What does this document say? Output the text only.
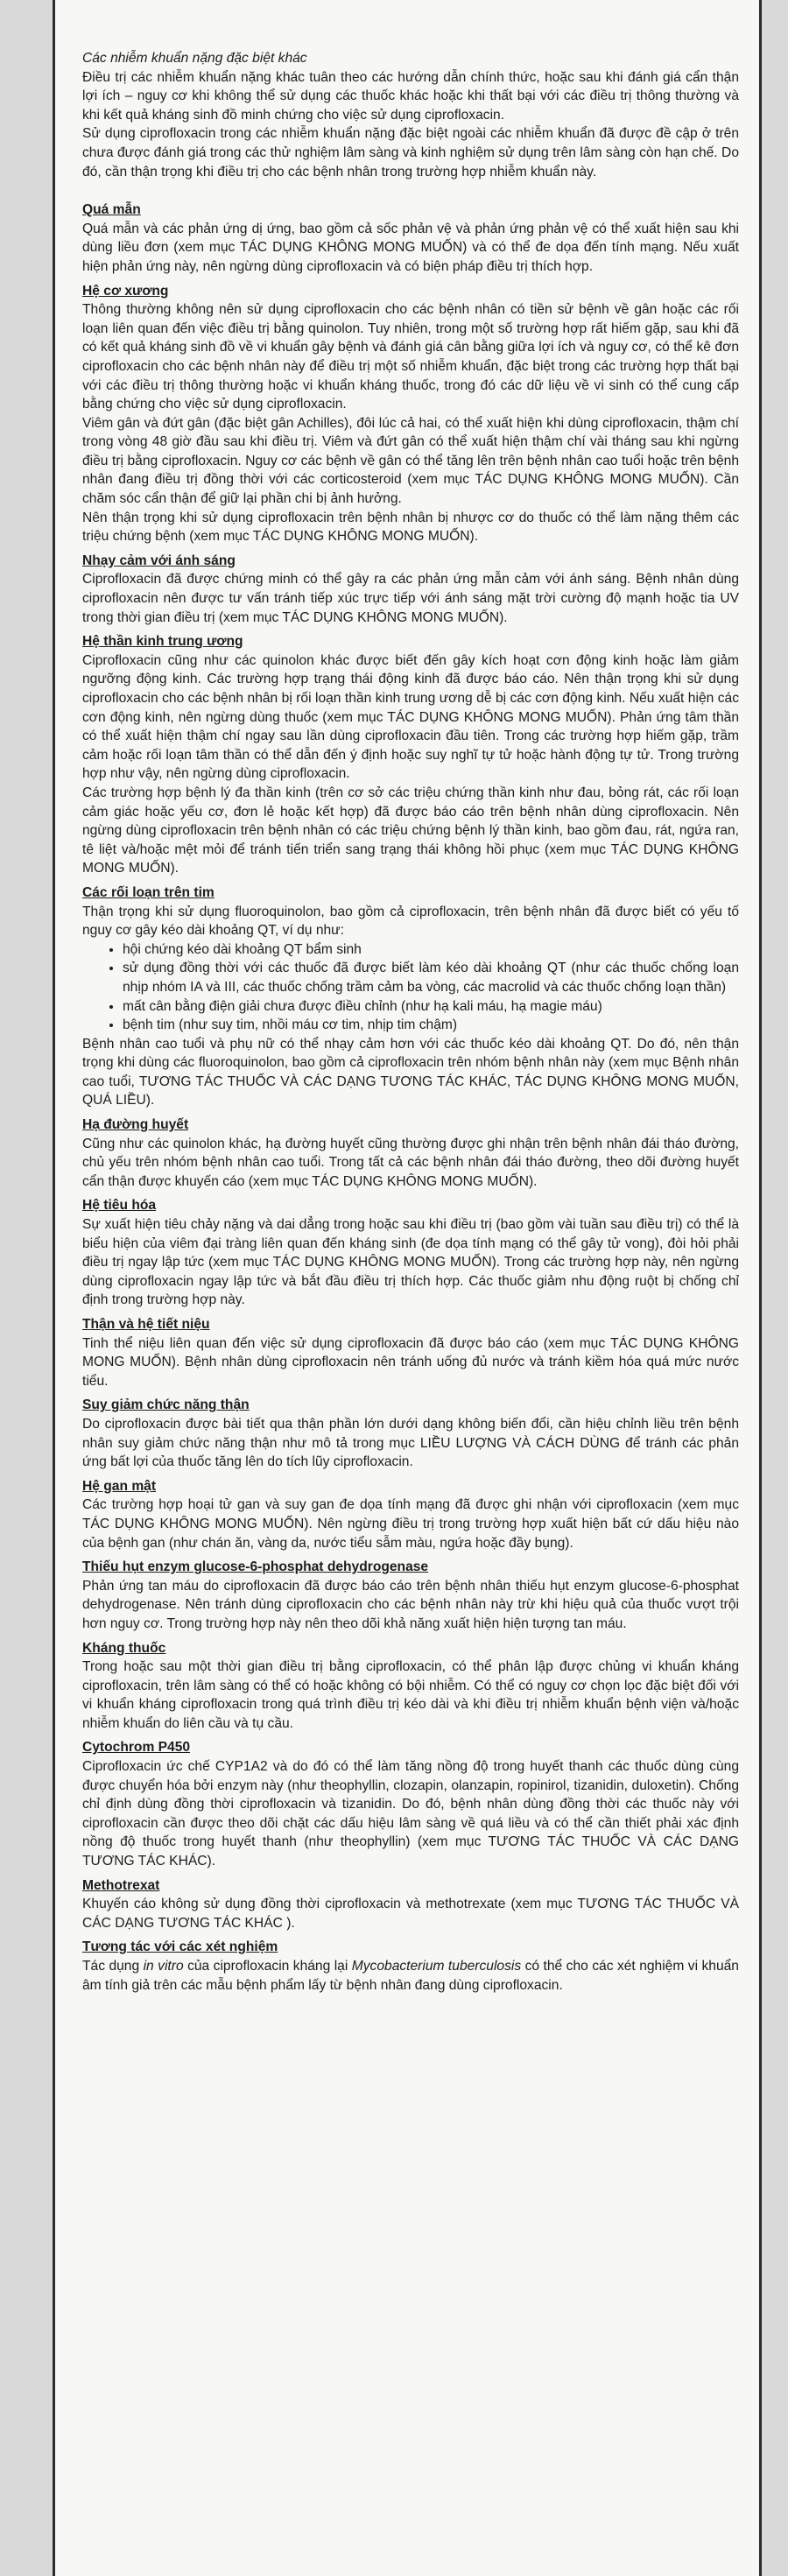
Các nhiễm khuẩn nặng đặc biệt khác

Điều trị các nhiễm khuẩn nặng khác tuân theo các hướng dẫn chính thức, hoặc sau khi đánh giá cẩn thận lợi ích – nguy cơ khi không thể sử dụng các thuốc khác hoặc khi thất bại với các điều trị thông thường và khi kết quả kháng sinh đồ minh chứng cho việc sử dụng ciprofloxacin.

Sử dụng ciprofloxacin trong các nhiễm khuẩn nặng đặc biệt ngoài các nhiễm khuẩn đã được đề cập ở trên chưa được đánh giá trong các thử nghiệm lâm sàng và kinh nghiệm sử dụng trên lâm sàng còn hạn chế. Do đó, cần thận trọng khi điều trị cho các bệnh nhân trong trường hợp nhiễm khuẩn này.

Quá mẫn

Quá mẫn và các phản ứng dị ứng, bao gồm cả sốc phản vệ và phản ứng phản vệ có thể xuất hiện sau khi dùng liều đơn (xem mục TÁC DỤNG KHÔNG MONG MUỐN) và có thể đe dọa đến tính mạng. Nếu xuất hiện phản ứng này, nên ngừng dùng ciprofloxacin và có biện pháp điều trị thích hợp.

Hệ cơ xương

Thông thường không nên sử dụng ciprofloxacin cho các bệnh nhân có tiền sử bệnh về gân hoặc các rối loạn liên quan đến việc điều trị bằng quinolon. Tuy nhiên, trong một số trường hợp rất hiếm gặp, sau khi đã có kết quả kháng sinh đồ về vi khuẩn gây bệnh và đánh giá cân bằng giữa lợi ích và nguy cơ, có thể kê đơn ciprofloxacin cho các bệnh nhân này để điều trị một số nhiễm khuẩn, đặc biệt trong các trường hợp thất bại với các điều trị thông thường hoặc vi khuẩn kháng thuốc, trong đó các dữ liệu về vi sinh có thể cung cấp bằng chứng cho việc sử dụng ciprofloxacin.

Viêm gân và đứt gân (đặc biệt gân Achilles), đôi lúc cả hai, có thể xuất hiện khi dùng ciprofloxacin, thậm chí trong vòng 48 giờ đầu sau khi điều trị. Viêm và đứt gân có thể xuất hiện thậm chí vài tháng sau khi ngừng điều trị bằng ciprofloxacin. Nguy cơ các bệnh về gân có thể tăng lên trên bệnh nhân cao tuổi hoặc trên bệnh nhân đang điều trị đồng thời với các corticosteroid (xem mục TÁC DỤNG KHÔNG MONG MUỐN). Cần chăm sóc cẩn thận để giữ lại phần chi bị ảnh hưởng.

Nên thận trọng khi sử dụng ciprofloxacin trên bệnh nhân bị nhược cơ do thuốc có thể làm nặng thêm các triệu chứng bệnh (xem mục TÁC DỤNG KHÔNG MONG MUỐN).

Nhạy cảm với ánh sáng

Ciprofloxacin đã được chứng minh có thể gây ra các phản ứng mẫn cảm với ánh sáng. Bệnh nhân dùng ciprofloxacin nên được tư vấn tránh tiếp xúc trực tiếp với ánh sáng mặt trời cường độ mạnh hoặc tia UV trong thời gian điều trị (xem mục TÁC DỤNG KHÔNG MONG MUỐN).

Hệ thần kinh trung ương

Ciprofloxacin cũng như các quinolon khác được biết đến gây kích hoạt cơn động kinh hoặc làm giảm ngưỡng động kinh. Các trường hợp trạng thái động kinh đã được báo cáo. Nên thận trọng khi sử dụng ciprofloxacin cho các bệnh nhân bị rối loạn thần kinh trung ương dễ bị các cơn động kinh. Nếu xuất hiện các cơn động kinh, nên ngừng dùng thuốc (xem mục TÁC DỤNG KHÔNG MONG MUỐN). Phản ứng tâm thần có thể xuất hiện thậm chí ngay sau lần dùng ciprofloxacin đầu tiên. Trong các trường hợp hiếm gặp, trầm cảm hoặc rối loạn tâm thần có thể dẫn đến ý định hoặc suy nghĩ tự tử hoặc hành động tự tử. Trong trường hợp như vậy, nên ngừng dùng ciprofloxacin.

Các trường hợp bệnh lý đa thần kinh (trên cơ sở các triệu chứng thần kinh như đau, bỏng rát, các rối loạn cảm giác hoặc yếu cơ, đơn lẻ hoặc kết hợp) đã được báo cáo trên bệnh nhân dùng ciprofloxacin. Nên ngừng dùng ciprofloxacin trên bệnh nhân có các triệu chứng bệnh lý thần kinh, bao gồm đau, rát, ngứa ran, tê liệt và/hoặc mệt mỏi để tránh tiến triển sang trạng thái không hồi phục (xem mục TÁC DỤNG KHÔNG MONG MUỐN).

Các rối loạn trên tim

Thận trọng khi sử dụng fluoroquinolon, bao gồm cả ciprofloxacin, trên bệnh nhân đã được biết có yếu tố nguy cơ gây kéo dài khoảng QT, ví dụ như:

• hội chứng kéo dài khoảng QT bẩm sinh
• sử dụng đồng thời với các thuốc đã được biết làm kéo dài khoảng QT (như các thuốc chống loạn nhịp nhóm IA và III, các thuốc chống trầm cảm ba vòng, các macrolid và các thuốc chống loạn thần)
• mất cân bằng điện giải chưa được điều chỉnh (như hạ kali máu, hạ magie máu)
• bệnh tim (như suy tim, nhồi máu cơ tim, nhịp tim chậm)

Bệnh nhân cao tuổi và phụ nữ có thể nhạy cảm hơn với các thuốc kéo dài khoảng QT. Do đó, nên thận trọng khi dùng các fluoroquinolon, bao gồm cả ciprofloxacin trên nhóm bệnh nhân này (xem mục Bệnh nhân cao tuổi, TƯƠNG TÁC THUỐC VÀ CÁC DẠNG TƯƠNG TÁC KHÁC, TÁC DỤNG KHÔNG MONG MUỐN, QUÁ LIỀU).

Hạ đường huyết

Cũng như các quinolon khác, hạ đường huyết cũng thường được ghi nhận trên bệnh nhân đái tháo đường, chủ yếu trên nhóm bệnh nhân cao tuổi. Trong tất cả các bệnh nhân đái tháo đường, theo dõi đường huyết cẩn thận được khuyến cáo (xem mục TÁC DỤNG KHÔNG MONG MUỐN).

Hệ tiêu hóa

Sự xuất hiện tiêu chảy nặng và dai dẳng trong hoặc sau khi điều trị (bao gồm vài tuần sau điều trị) có thể là biểu hiện của viêm đại tràng liên quan đến kháng sinh (đe dọa tính mạng có thể gây tử vong), đòi hỏi phải điều trị ngay lập tức (xem mục TÁC DỤNG KHÔNG MONG MUỐN). Trong các trường hợp này, nên ngừng dùng ciprofloxacin ngay lập tức và bắt đầu điều trị thích hợp. Các thuốc giảm nhu động ruột bị chống chỉ định trong trường hợp này.

Thận và hệ tiết niệu

Tinh thể niệu liên quan đến việc sử dụng ciprofloxacin đã được báo cáo (xem mục TÁC DỤNG KHÔNG MONG MUỐN). Bệnh nhân dùng ciprofloxacin nên tránh uống đủ nước và tránh kiềm hóa quá mức nước tiểu.

Suy giảm chức năng thận

Do ciprofloxacin được bài tiết qua thận phần lớn dưới dạng không biến đổi, cần hiệu chỉnh liều trên bệnh nhân suy giảm chức năng thận như mô tả trong mục LIỀU LƯỢNG VÀ CÁCH DÙNG để tránh các phản ứng bất lợi của thuốc tăng lên do tích lũy ciprofloxacin.

Hệ gan mật

Các trường hợp hoại tử gan và suy gan đe dọa tính mạng đã được ghi nhận với ciprofloxacin (xem mục TÁC DỤNG KHÔNG MONG MUỐN). Nên ngừng điều trị trong trường hợp xuất hiện bất cứ dấu hiệu nào của bệnh gan (như chán ăn, vàng da, nước tiểu sẫm màu, ngứa hoặc đầy bụng).

Thiếu hụt enzym glucose-6-phosphat dehydrogenase

Phản ứng tan máu do ciprofloxacin đã được báo cáo trên bệnh nhân thiếu hụt enzym glucose-6-phosphat dehydrogenase. Nên tránh dùng ciprofloxacin cho các bệnh nhân này trừ khi hiệu quả của thuốc vượt trội hơn nguy cơ. Trong trường hợp này nên theo dõi khả năng xuất hiện hiện tượng tan máu.

Kháng thuốc

Trong hoặc sau một thời gian điều trị bằng ciprofloxacin, có thể phân lập được chủng vi khuẩn kháng ciprofloxacin, trên lâm sàng có thể có hoặc không có bội nhiễm. Có thể có nguy cơ chọn lọc đặc biệt đối với vi khuẩn kháng ciprofloxacin trong quá trình điều trị kéo dài và khi điều trị nhiễm khuẩn bệnh viện và/hoặc nhiễm khuẩn do liên cầu và tụ cầu.

Cytochrom P450

Ciprofloxacin ức chế CYP1A2 và do đó có thể làm tăng nồng độ trong huyết thanh các thuốc dùng cùng được chuyển hóa bởi enzym này (như theophyllin, clozapin, olanzapin, ropinirol, tizanidin, duloxetin). Chống chỉ định dùng đồng thời ciprofloxacin và tizanidin. Do đó, bệnh nhân dùng đồng thời các thuốc này với ciprofloxacin cần được theo dõi chặt các dấu hiệu lâm sàng về quá liều và có thể cần thiết phải xác định nồng độ thuốc trong huyết thanh (như theophyllin) (xem mục TƯƠNG TÁC THUỐC VÀ CÁC DẠNG TƯƠNG TÁC KHÁC).

Methotrexat

Khuyến cáo không sử dụng đồng thời ciprofloxacin và methotrexate (xem mục TƯƠNG TÁC THUỐC VÀ CÁC DẠNG TƯƠNG TÁC KHÁC ).

Tương tác với các xét nghiệm

Tác dụng in vitro của ciprofloxacin kháng lại Mycobacterium tuberculosis có thể cho các xét nghiệm vi khuẩn âm tính giả trên các mẫu bệnh phẩm lấy từ bệnh nhân đang dùng ciprofloxacin.
